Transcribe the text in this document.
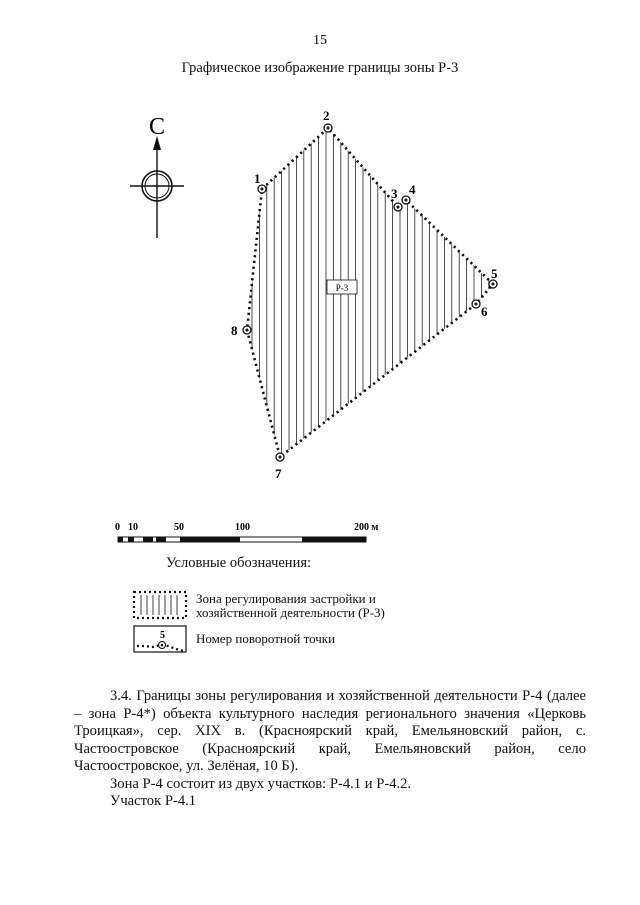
15
Графическое изображение границы зоны Р-3
С
Р-3
1
2
3 4
5
6
7
8
0 10	50	100	200 м
5
Условные обозначения:
Зона регулирования застройки и
хозяйственной деятельности (Р-3)
Номер поворотной точки

3.4. Границы зоны регулирования и хозяйственной деятельности Р-4 (далее – зона Р-4*) объекта культурного наследия регионального значения «Церковь Троицкая», сер. XIX в. (Красноярский край, Емельяновский район, с. Частоостровское (Красноярский край, Емельяновский район, село Частоостровское, ул. Зелёная, 10 Б).

Зона Р-4 состоит из двух участков: Р-4.1 и Р-4.2.

Участок Р-4.1
